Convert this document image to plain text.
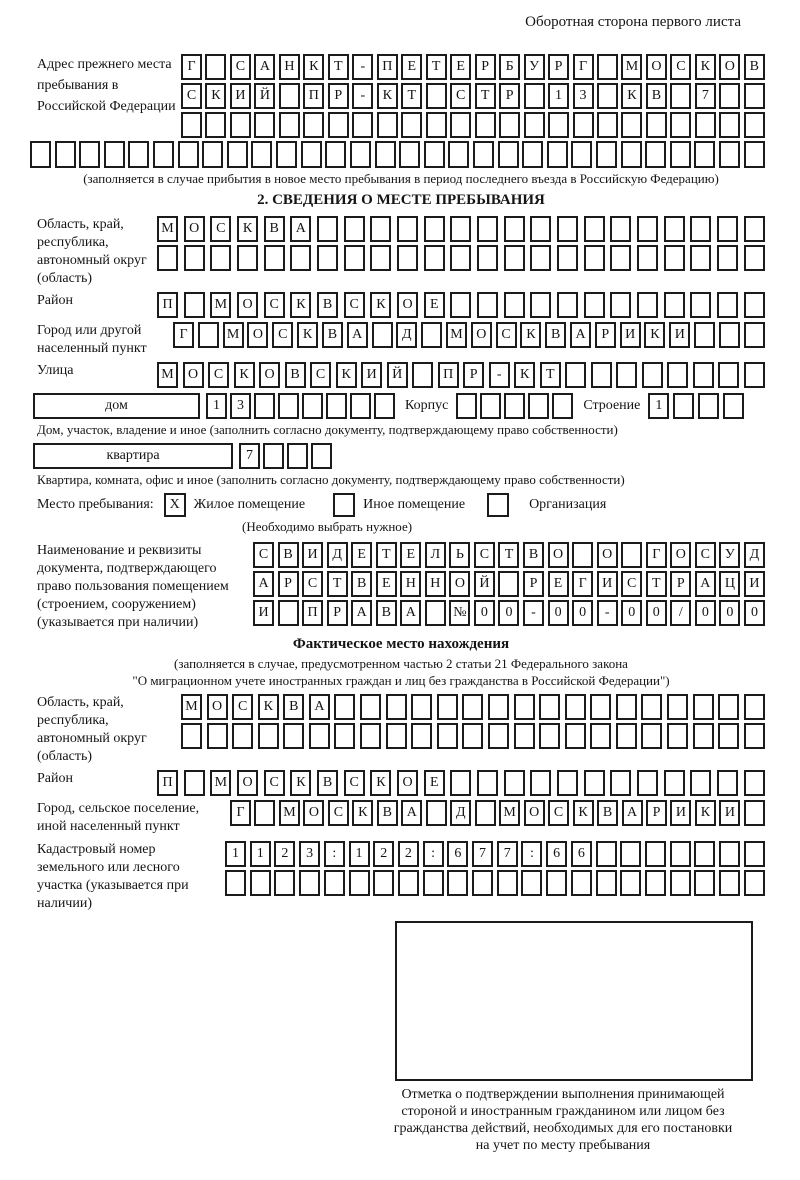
Оборотная сторона первого листа
Адрес прежнего места пребывания в Российской Федерации
Г	С	А	Н	К	Т	-	П	Е	Т	Е	Р	Б	У	Р	Г	М О	С	К	О	В
С	К	И	Й	П	Р	-	К	Т	С	Т	Р	1	3	К	В	7
(заполняется в случае прибытия в новое место пребывания в период последнего въезда в Российскую Федерацию)
2. СВЕДЕНИЯ О МЕСТЕ ПРЕБЫВАНИЯ
Область, край, республика, автономный округ (область)
М	О	С	К	В	А
Район	П	М	О	С	К	В	С	К	О	Е
Город или другой населенный пункт
Г	М О	С	К	В	А	Д	М О	С	К	В	А	Р	И	К	И
Улица	М	О	С	К	О	В	С	К	И	Й	П	Р	-	К	Т
дом	1	3	Корпус	Строение	1
Дом, участок, владение и иное (заполнить согласно документу, подтверждающему право собственности)
квартира	7
Квартира, комната, офис и иное (заполнить согласно документу, подтверждающему право собственности)
Место пребывания:	X Жилое помещение	Иное помещение	Организация
(Необходимо выбрать нужное)
Наименование и реквизиты документа, подтверждающего право пользования помещением (строением, сооружением) (указывается при наличии)
С	В	И	Д	Е	Т	Е	Л	Ь	С	Т	В	О	О	Г	О	С	У	Д
А	Р	С	Т	В	Е	Н	Н	О	Й	Р	Е	Г	И	С	Т	Р	А	Ц	И
И	П	Р	А	В	А	№	0	0	-	0	0	-	0	0	/	0	0	0
Фактическое место нахождения
(заполняется в случае, предусмотренном частью 2 статьи 21 Федерального закона
"О миграционном учете иностранных граждан и лиц без гражданства в Российской Федерации")
Область, край, республика, автономный округ (область)
М	О	С	К	В	А
Район	П	М	О	С	К	В	С	К	О	Е
Город, сельское поселение, иной населенный пункт
Г	М О	С	К	В	А	Д	М О	С	К	В	А	Р	И	К	И
Кадастровый номер земельного или лесного участка (указывается при наличии)
1	1	2	3	:	1	2	2	:	6	7	7	:	6	6
Отметка о подтверждении выполнения принимающей
стороной и иностранным гражданином или лицом без
гражданства действий, необходимых для его постановки
на учет по месту пребывания
